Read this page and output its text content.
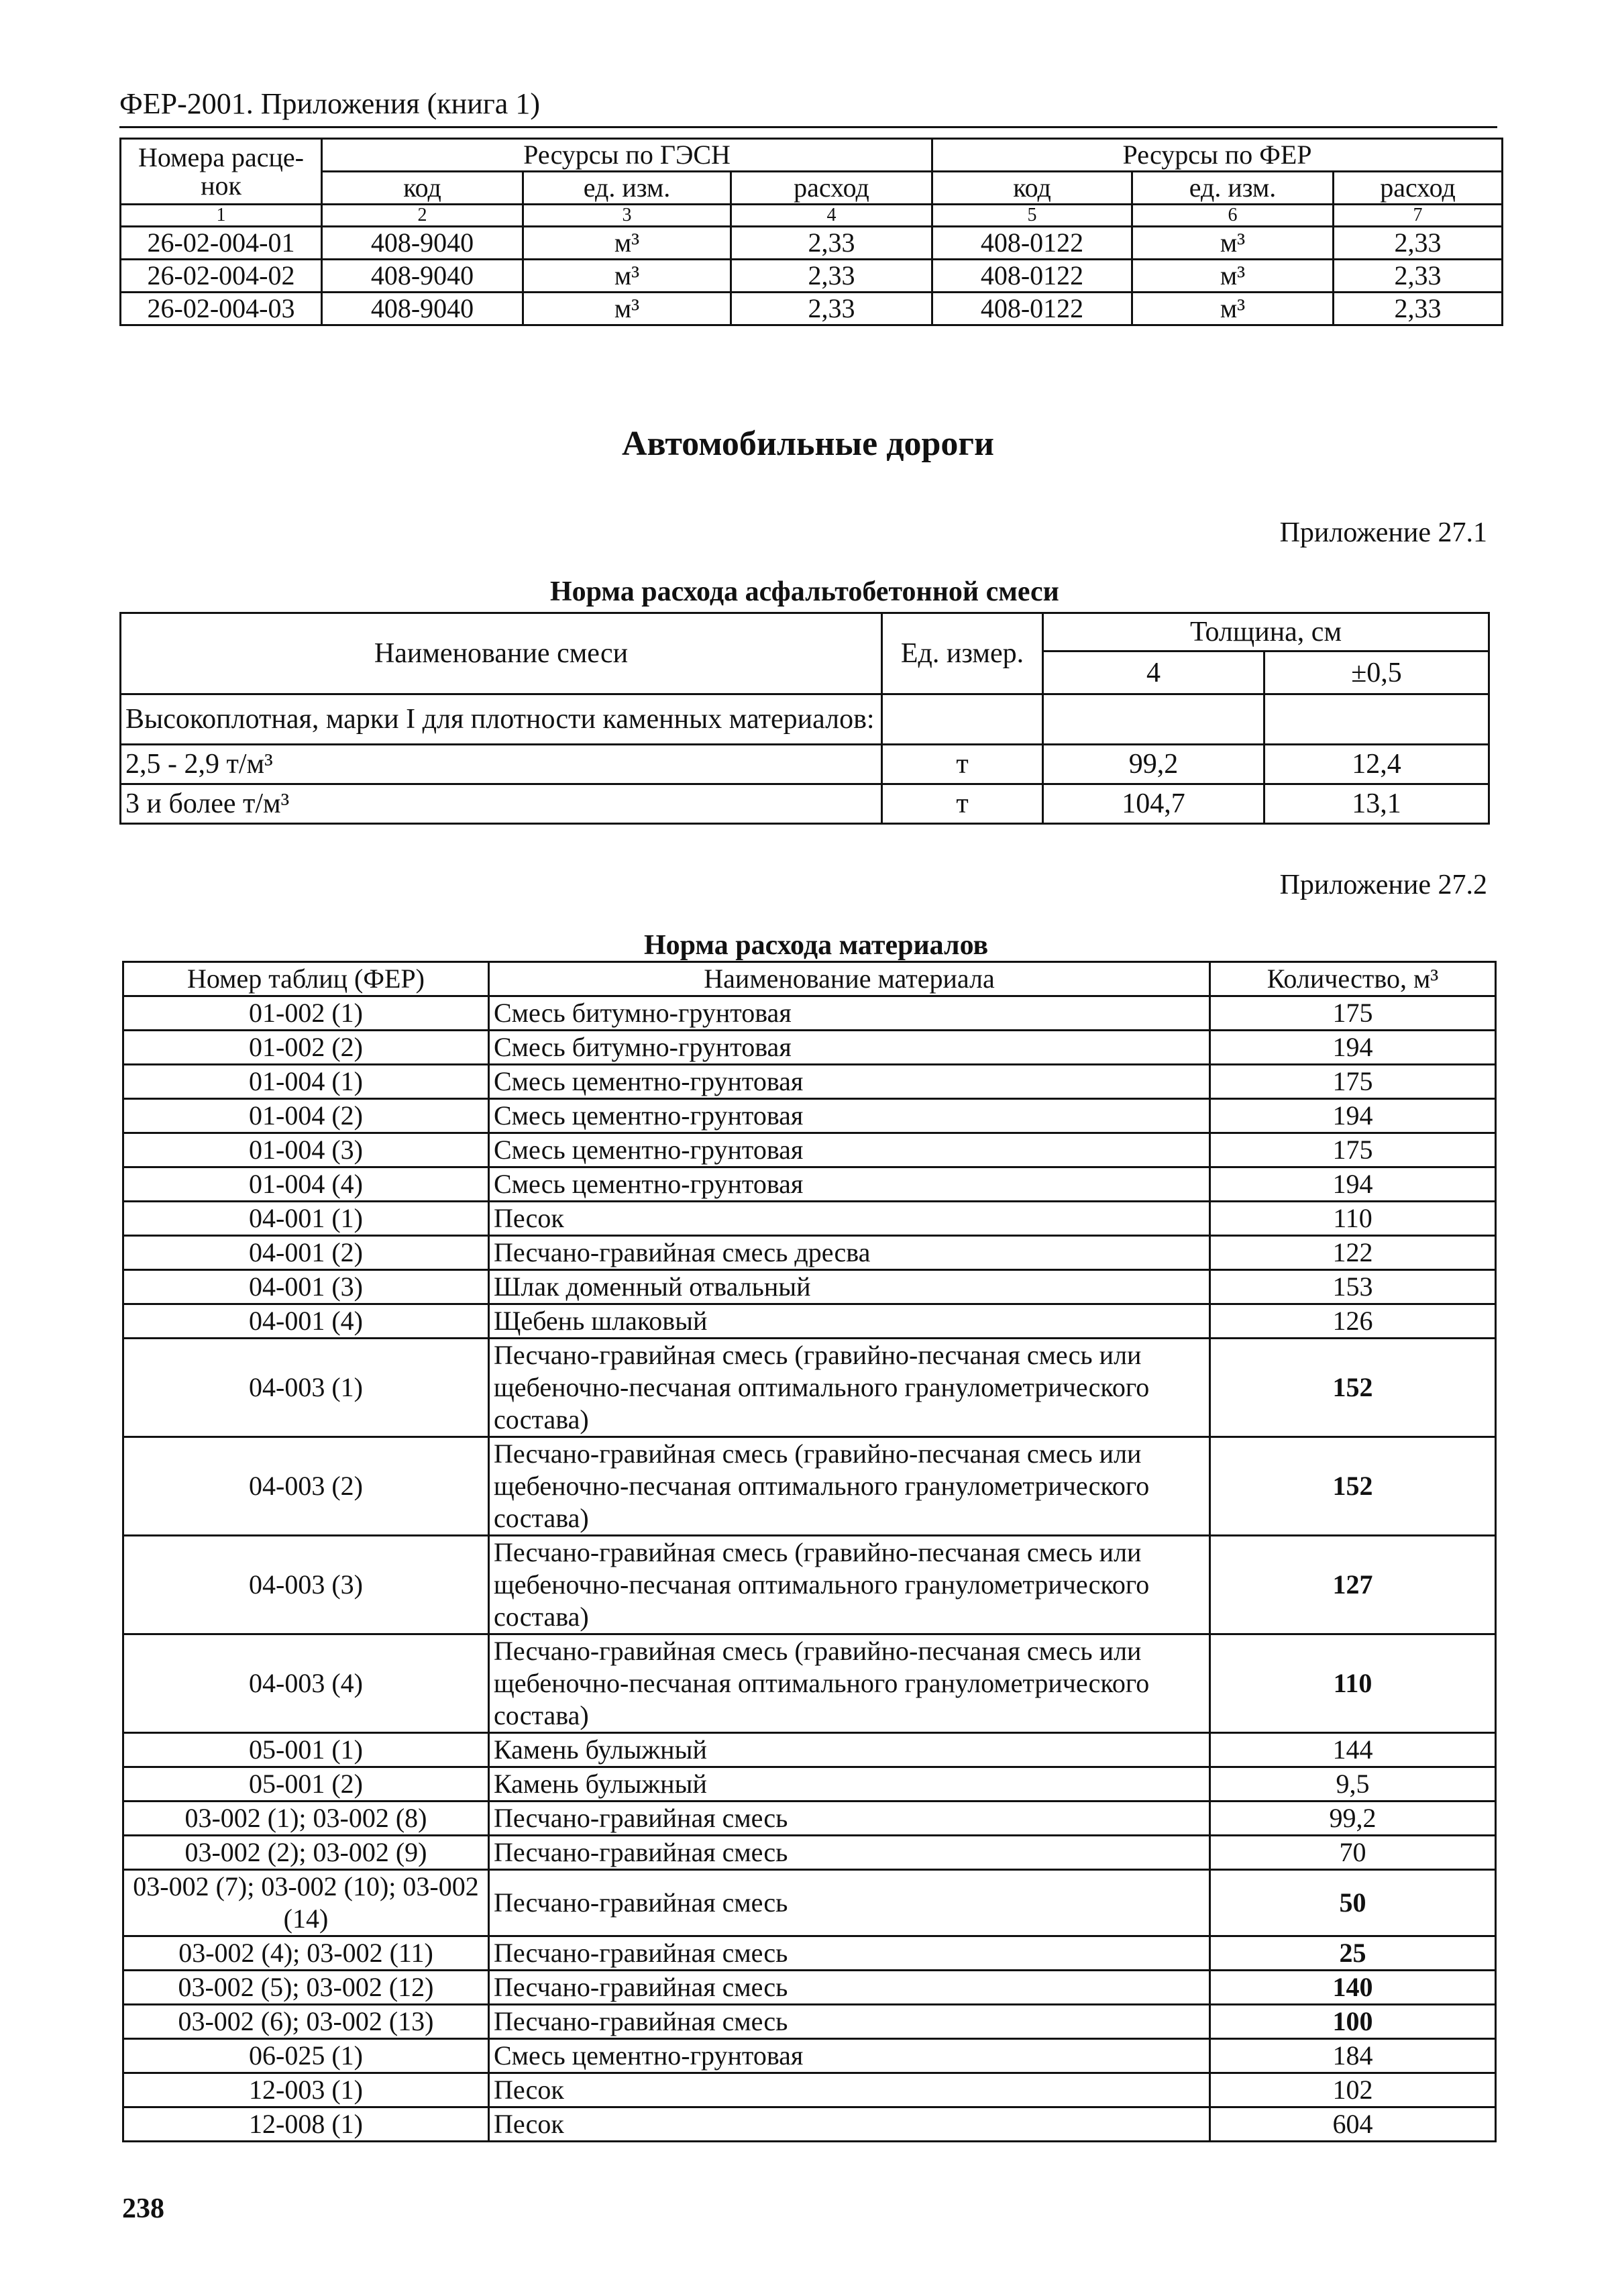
ФЕР-2001. Приложения (книга 1)
Номера расце-нок	Ресурсы по ГЭСН			Ресурсы по ФЕР		
	код	ед. изм.	расход	код	ед. изм.	расход
1	2	3	4	5	6	7
26-02-004-01	408-9040	м³	2,33	408-0122	м³	2,33
26-02-004-02	408-9040	м³	2,33	408-0122	м³	2,33
26-02-004-03	408-9040	м³	2,33	408-0122	м³	2,33
Автомобильные дороги
Приложение 27.1
Норма расхода асфальтобетонной смеси
Наименование смеси	Ед. измер.	Толщина, см	
		4	±0,5
Высокоплотная, марки I для плотности каменных материалов:			
2,5 - 2,9 т/м³	т	99,2	12,4
3 и более т/м³	т	104,7	13,1
Приложение 27.2
Норма расхода материалов
Номер таблиц (ФЕР)	Наименование материала	Количество, м³
01-002 (1)	Смесь битумно-грунтовая	175
01-002 (2)	Смесь битумно-грунтовая	194
01-004 (1)	Смесь цементно-грунтовая	175
01-004 (2)	Смесь цементно-грунтовая	194
01-004 (3)	Смесь цементно-грунтовая	175
01-004 (4)	Смесь цементно-грунтовая	194
04-001 (1)	Песок	110
04-001 (2)	Песчано-гравийная смесь дресва	122
04-001 (3)	Шлак доменный отвальный	153
04-001 (4)	Щебень шлаковый	126
04-003 (1)	Песчано-гравийная смесь (гравийно-песчаная смесь или щебеночно-песчаная оптимального гранулометрического состава)	152
04-003 (2)	Песчано-гравийная смесь (гравийно-песчаная смесь или щебеночно-песчаная оптимального гранулометрического состава)	152
04-003 (3)	Песчано-гравийная смесь (гравийно-песчаная смесь или щебеночно-песчаная оптимального гранулометрического состава)	127
04-003 (4)	Песчано-гравийная смесь (гравийно-песчаная смесь или щебеночно-песчаная оптимального гранулометрического состава)	110
05-001 (1)	Камень булыжный	144
05-001 (2)	Камень булыжный	9,5
03-002 (1); 03-002 (8)	Песчано-гравийная смесь	99,2
03-002 (2); 03-002 (9)	Песчано-гравийная смесь	70
03-002 (7); 03-002 (10); 03-002 (14)	Песчано-гравийная смесь	50
03-002 (4); 03-002 (11)	Песчано-гравийная смесь	25
03-002 (5); 03-002 (12)	Песчано-гравийная смесь	140
03-002 (6); 03-002 (13)	Песчано-гравийная смесь	100
06-025 (1)	Смесь цементно-грунтовая	184
12-003 (1)	Песок	102
12-008 (1)	Песок	604
238
